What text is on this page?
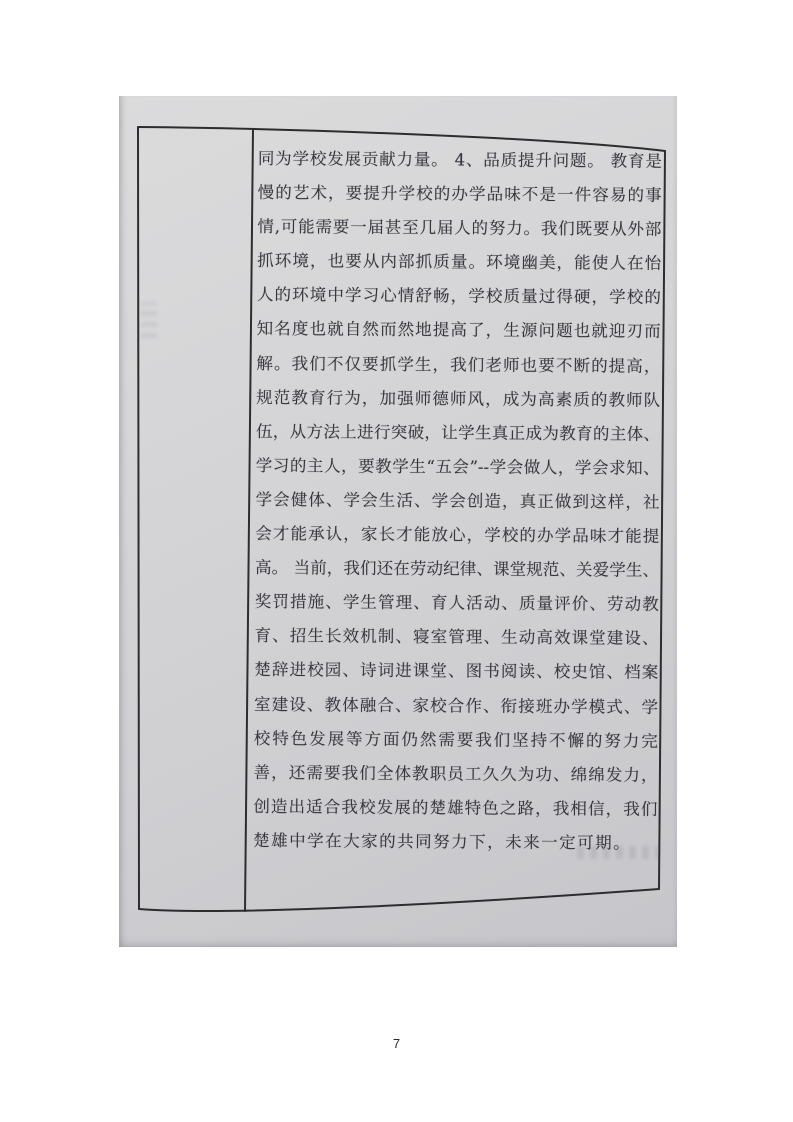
同为学校发展贡献力量。 4、品质提升问题。 教育是
慢的艺术，要提升学校的办学品味不是一件容易的事
情,可能需要一届甚至几届人的努力。我们既要从外部
抓环境，也要从内部抓质量。环境幽美，能使人在怡
人的环境中学习心情舒畅，学校质量过得硬，学校的
知名度也就自然而然地提高了，生源问题也就迎刃而
解。我们不仅要抓学生，我们老师也要不断的提高，
规范教育行为，加强师德师风，成为高素质的教师队
伍，从方法上进行突破，让学生真正成为教育的主体、
学习的主人，要教学生“五会”--学会做人，学会求知、
学会健体、学会生活、学会创造，真正做到这样，社
会才能承认，家长才能放心，学校的办学品味才能提
高。 当前，我们还在劳动纪律、课堂规范、关爱学生、
奖罚措施、学生管理、育人活动、质量评价、劳动教
育、招生长效机制、寝室管理、生动高效课堂建设、
楚辞进校园、诗词进课堂、图书阅读、校史馆、档案
室建设、教体融合、家校合作、衔接班办学模式、学
校特色发展等方面仍然需要我们坚持不懈的努力完
善，还需要我们全体教职员工久久为功、绵绵发力，
创造出适合我校发展的楚雄特色之路，我相信，我们
楚雄中学在大家的共同努力下，未来一定可期。
7
